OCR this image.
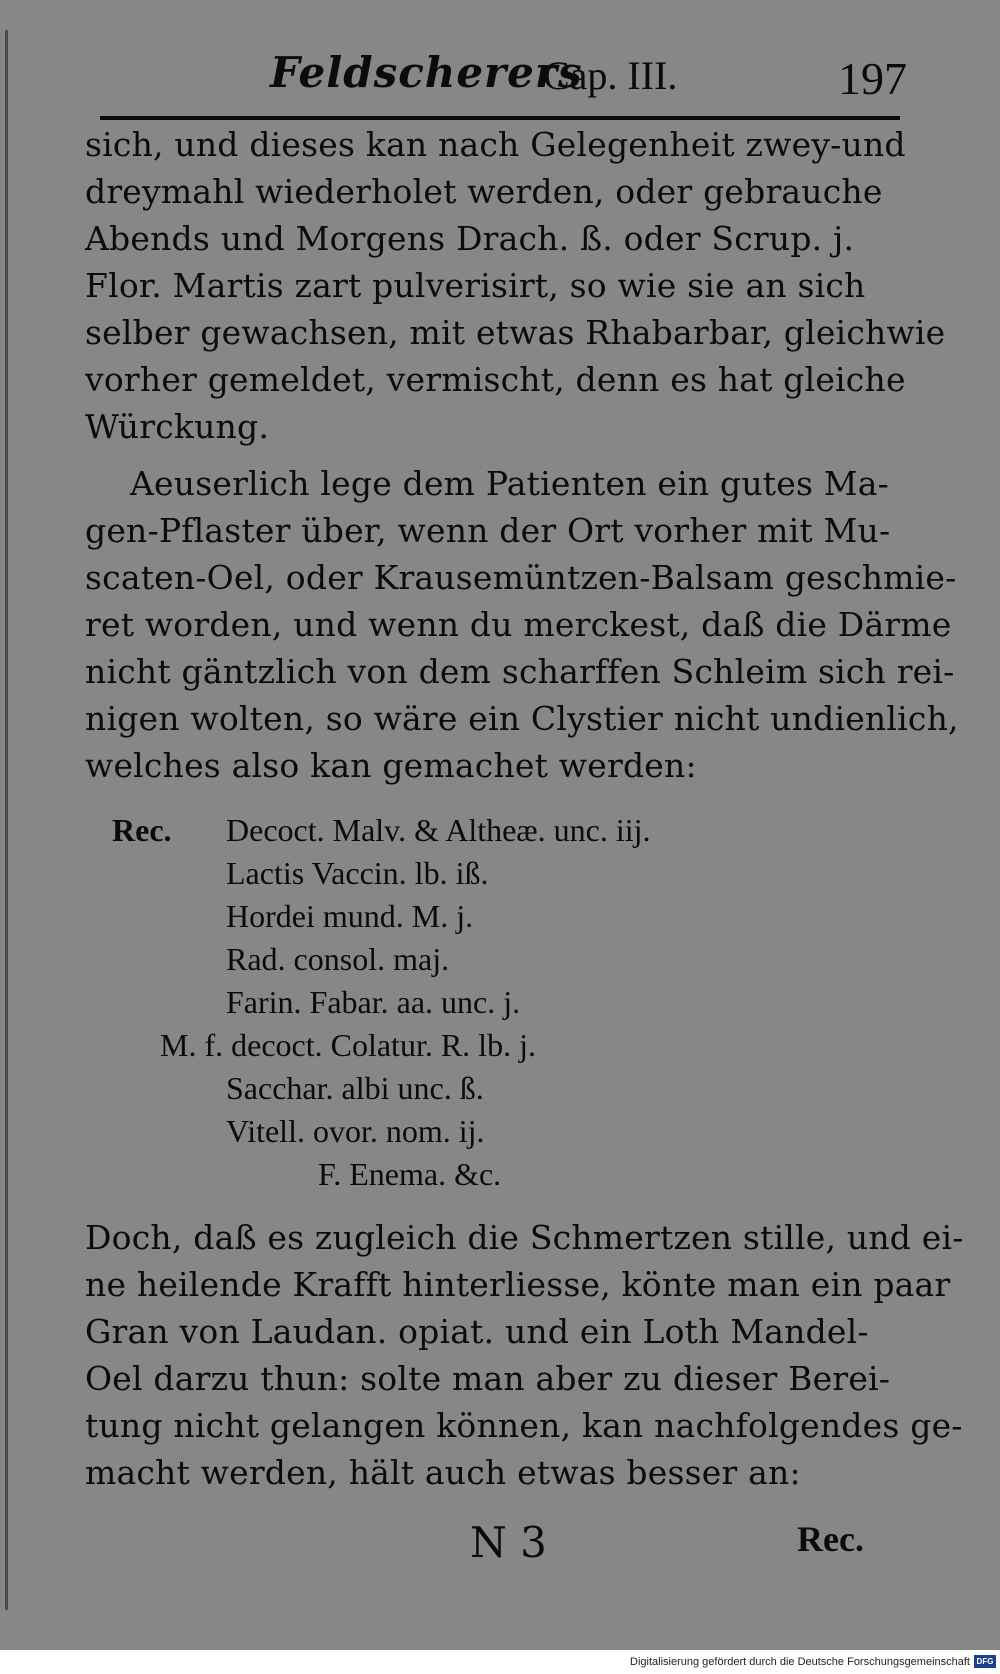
Feldscherers
Cap. III.	197
sich, und dieses kan nach Gelegenheit zwey-und
dreymahl wiederholet werden, oder gebrauche
Abends und Morgens Drach. ß. oder Scrup. j.
Flor. Martis zart pulverisirt, so wie sie an sich
selber gewachsen, mit etwas Rhabarbar, gleichwie
vorher gemeldet, vermischt, denn es hat gleiche
Würckung.
Aeuserlich lege dem Patienten ein gutes Ma-
gen-Pflaster über, wenn der Ort vorher mit Mu-
scaten-Oel, oder Krausemüntzen-Balsam geschmie-
ret worden, und wenn du merckest, daß die Därme
nicht gäntzlich von dem scharffen Schleim sich rei-
nigen wolten, so wäre ein Clystier nicht undienlich,
welches also kan gemachet werden:
Rec. Decoct. Malv. & Altheæ. unc. iij.
Lactis Vaccin. lb. iß.
Hordei mund. M. j.
Rad. consol. maj.
Farin. Fabar. aa. unc. j.
M. f. decoct. Colatur. R. lb. j.
Sacchar. albi unc. ß.
Vitell. ovor. nom. ij.
F. Enema. &c.
Doch, daß es zugleich die Schmertzen stille, und ei-
ne heilende Krafft hinterliesse, könte man ein paar
Gran von Laudan. opiat. und ein Loth Mandel-
Oel darzu thun: solte man aber zu dieser Berei-
tung nicht gelangen können, kan nachfolgendes ge-
macht werden, hält auch etwas besser an:
N 3	Rec.
Digitalisierung gefördert durch die Deutsche Forschungsgemeinschaft DFG
